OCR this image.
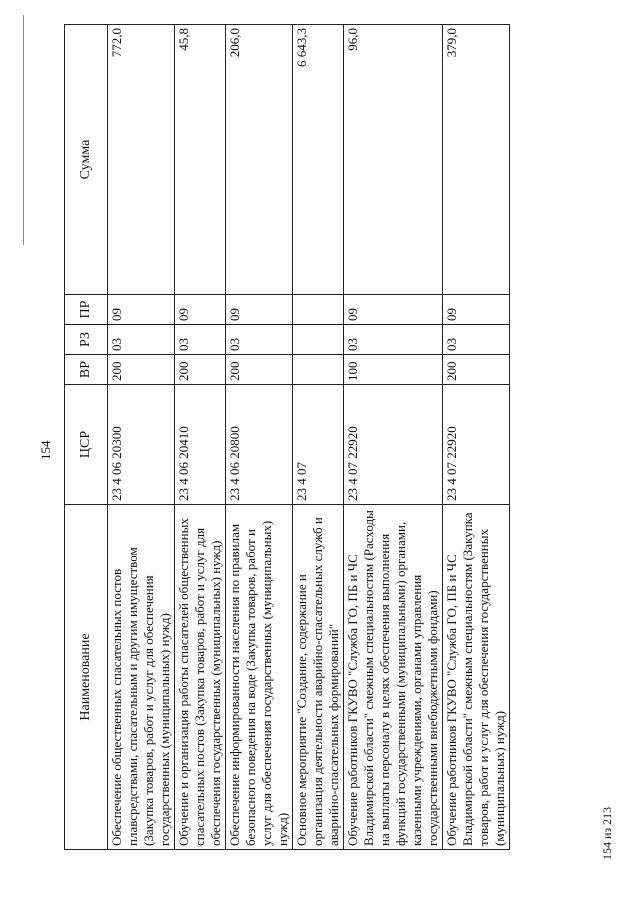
154
Наименование	ЦСР	ВР	РЗ	ПР	Сумма
Обеспечение общественных спасательных постов плавсредствами, спасательным и другим имуществом (Закупка товаров, работ и услуг для обеспечения государственных (муниципальных) нужд)	23 4 06 20300	200	03	09	772,0
Обучение и организация работы спасателей общественных спасательных постов (Закупка товаров, работ и услуг для обеспечения государственных (муниципальных) нужд)	23 4 06 20410	200	03	09	45,8
Обеспечение информированности населения по правилам безопасного поведения на воде (Закупка товаров, работ и услуг для обеспечения государственных (муниципальных) нужд)	23 4 06 20800	200	03	09	206,0
Основное мероприятие "Создание, содержание и организация деятельности аварийно-спасательных служб и аварийно-спасательных формирований"	23 4 07				6 643,3
Обучение работников ГКУВО "Служба ГО, ПБ и ЧС Владимирской области" смежным специальностям (Расходы на выплаты персоналу в целях обеспечения выполнения функций государственными (муниципальными) органами, казенными учреждениями, органами управления государственными внебюджетными фондами)	23 4 07 22920	100	03	09	96,0
Обучение работников ГКУВО "Служба ГО, ПБ и ЧС Владимирской области" смежным специальностям (Закупка товаров, работ и услуг для обеспечения государственных (муниципальных) нужд)	23 4 07 22920	200	03	09	379,0
154 из 213
